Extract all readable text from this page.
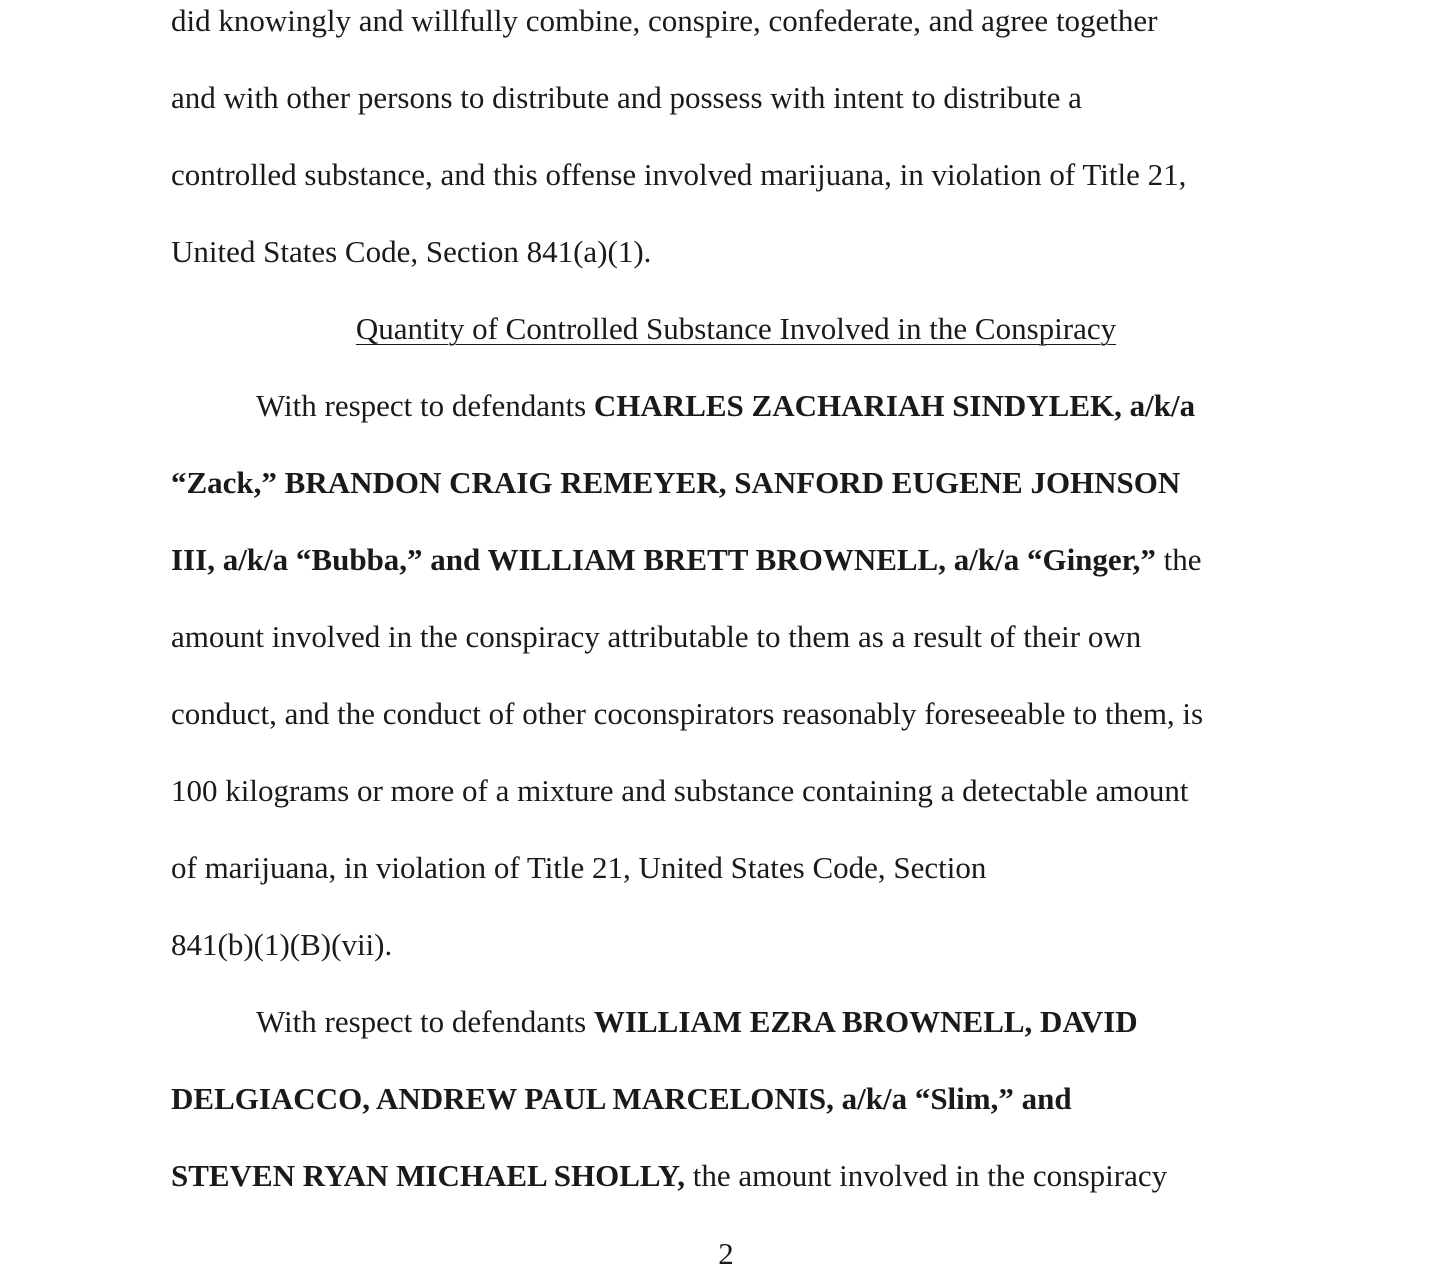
did knowingly and willfully combine, conspire, confederate, and agree together
and with other persons to distribute and possess with intent to distribute a
controlled substance, and this offense involved marijuana, in violation of Title 21,
United States Code, Section 841(a)(1).

Quantity of Controlled Substance Involved in the Conspiracy

With respect to defendants CHARLES ZACHARIAH SINDYLEK, a/k/a
“Zack,” BRANDON CRAIG REMEYER, SANFORD EUGENE JOHNSON
III, a/k/a “Bubba,” and WILLIAM BRETT BROWNELL, a/k/a “Ginger,” the
amount involved in the conspiracy attributable to them as a result of their own
conduct, and the conduct of other coconspirators reasonably foreseeable to them, is
100 kilograms or more of a mixture and substance containing a detectable amount
of marijuana, in violation of Title 21, United States Code, Section
841(b)(1)(B)(vii).

With respect to defendants WILLIAM EZRA BROWNELL, DAVID
DELGIACCO, ANDREW PAUL MARCELONIS, a/k/a “Slim,” and
STEVEN RYAN MICHAEL SHOLLY, the amount involved in the conspiracy

2
